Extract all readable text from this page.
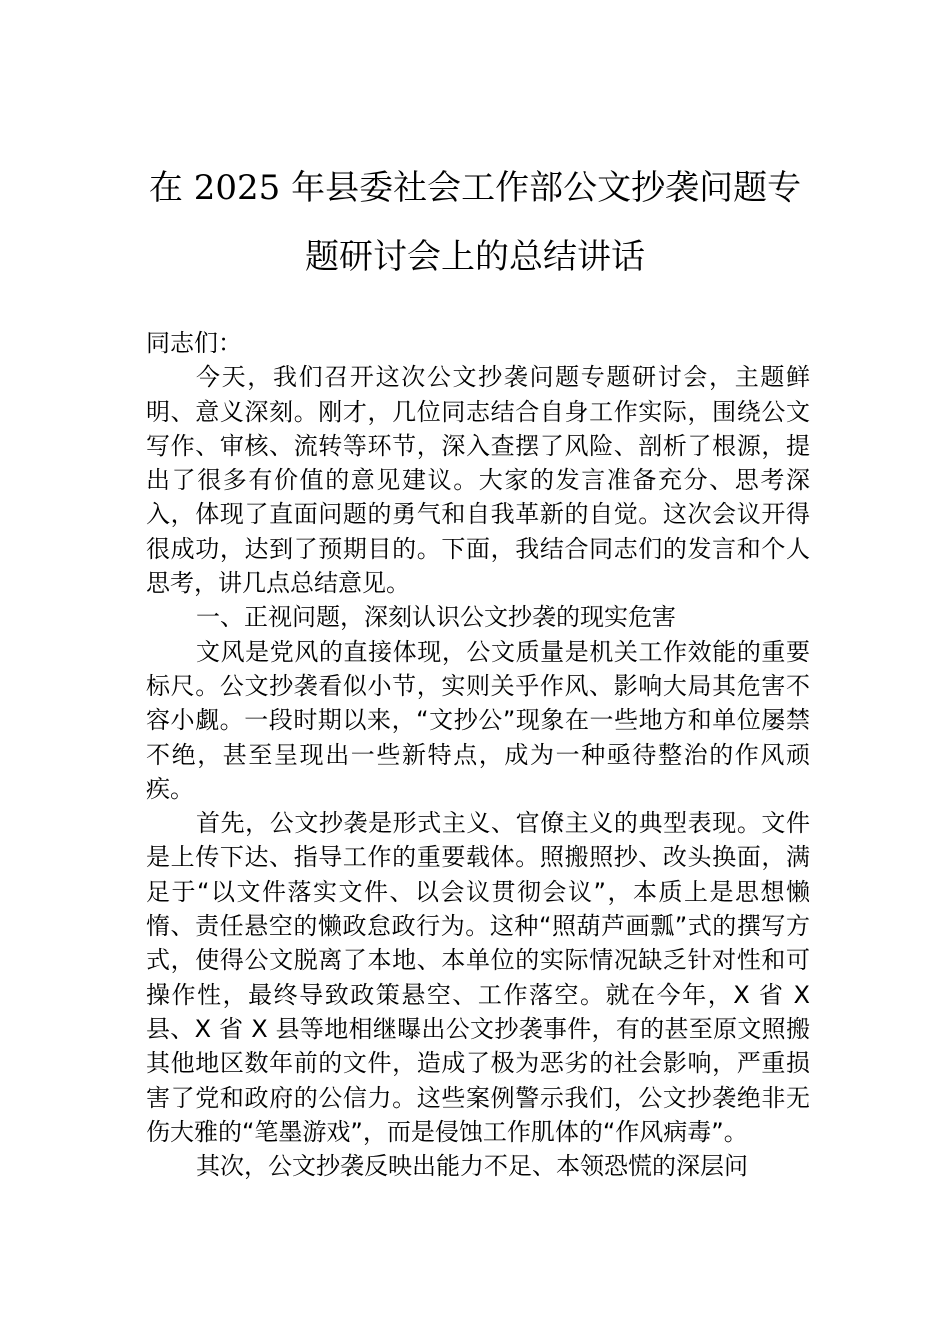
在 2025 年县委社会工作部公文抄袭问题专
题研讨会上的总结讲话

同志们：

今天，我们召开这次公文抄袭问题专题研讨会，主题鲜明、意义深刻。刚才，几位同志结合自身工作实际，围绕公文写作、审核、流转等环节，深入查摆了风险、剖析了根源，提出了很多有价值的意见建议。大家的发言准备充分、思考深入，体现了直面问题的勇气和自我革新的自觉。这次会议开得很成功，达到了预期目的。下面，我结合同志们的发言和个人思考，讲几点总结意见。

一、正视问题，深刻认识公文抄袭的现实危害

文风是党风的直接体现，公文质量是机关工作效能的重要标尺。公文抄袭看似小节，实则关乎作风、影响大局其危害不容小觑。一段时期以来，“文抄公”现象在一些地方和单位屡禁不绝，甚至呈现出一些新特点，成为一种亟待整治的作风顽疾。

首先，公文抄袭是形式主义、官僚主义的典型表现。文件是上传下达、指导工作的重要载体。照搬照抄、改头换面，满足于“以文件落实文件、以会议贯彻会议”，本质上是思想懒惰、责任悬空的懒政怠政行为。这种“照葫芦画瓢”式的撰写方式，使得公文脱离了本地、本单位的实际情况缺乏针对性和可操作性，最终导致政策悬空、工作落空。就在今年，X 省 X 县、X 省 X 县等地相继曝出公文抄袭事件，有的甚至原文照搬其他地区数年前的文件，造成了极为恶劣的社会影响，严重损害了党和政府的公信力。这些案例警示我们，公文抄袭绝非无伤大雅的“笔墨游戏”，而是侵蚀工作肌体的“作风病毒”。

其次，公文抄袭反映出能力不足、本领恐慌的深层问
